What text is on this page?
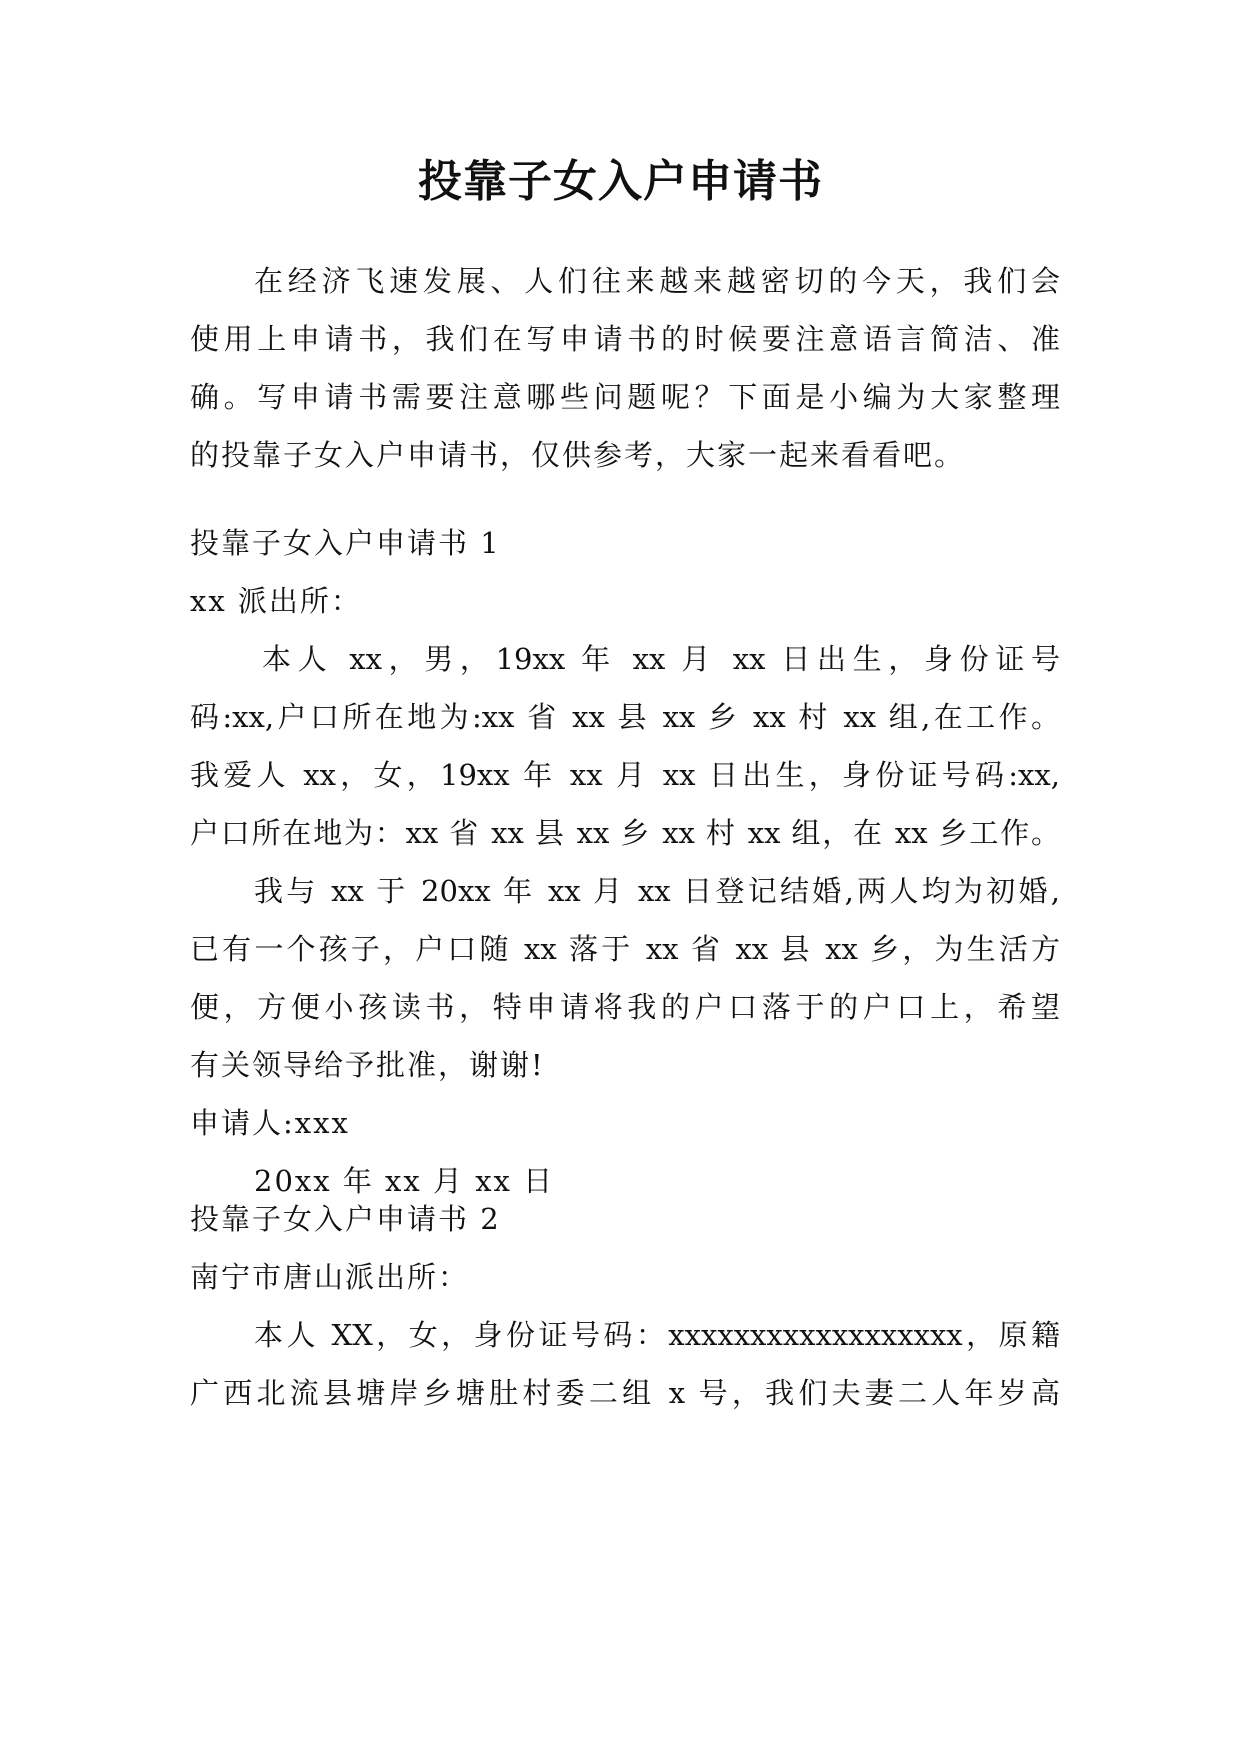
投靠子女入户申请书
在经济飞速发展、人们往来越来越密切的今天，我们会
使用上申请书，我们在写申请书的时候要注意语言简洁、准
确。写申请书需要注意哪些问题呢？下面是小编为大家整理
的投靠子女入户申请书，仅供参考，大家一起来看看吧。
投靠子女入户申请书 1
xx 派出所：
本人 xx，男，19xx 年 xx 月 xx 日出生，身份证号
码:xx,户口所在地为:xx 省 xx 县 xx 乡 xx 村 xx 组,在工作。
我爱人 xx，女，19xx 年 xx 月 xx 日出生，身份证号码:xx,
户口所在地为：xx 省 xx 县 xx 乡 xx 村 xx 组，在 xx 乡工作。
我与 xx 于 20xx 年 xx 月 xx 日登记结婚,两人均为初婚,
已有一个孩子，户口随 xx 落于 xx 省 xx 县 xx 乡，为生活方
便，方便小孩读书，特申请将我的户口落于的户口上，希望
有关领导给予批准，谢谢!
申请人:xxx
20xx 年 xx 月 xx 日
投靠子女入户申请书 2
南宁市唐山派出所：
本人 XX，女，身份证号码：xxxxxxxxxxxxxxxxxx，原籍
广西北流县塘岸乡塘肚村委二组 x 号，我们夫妻二人年岁高
